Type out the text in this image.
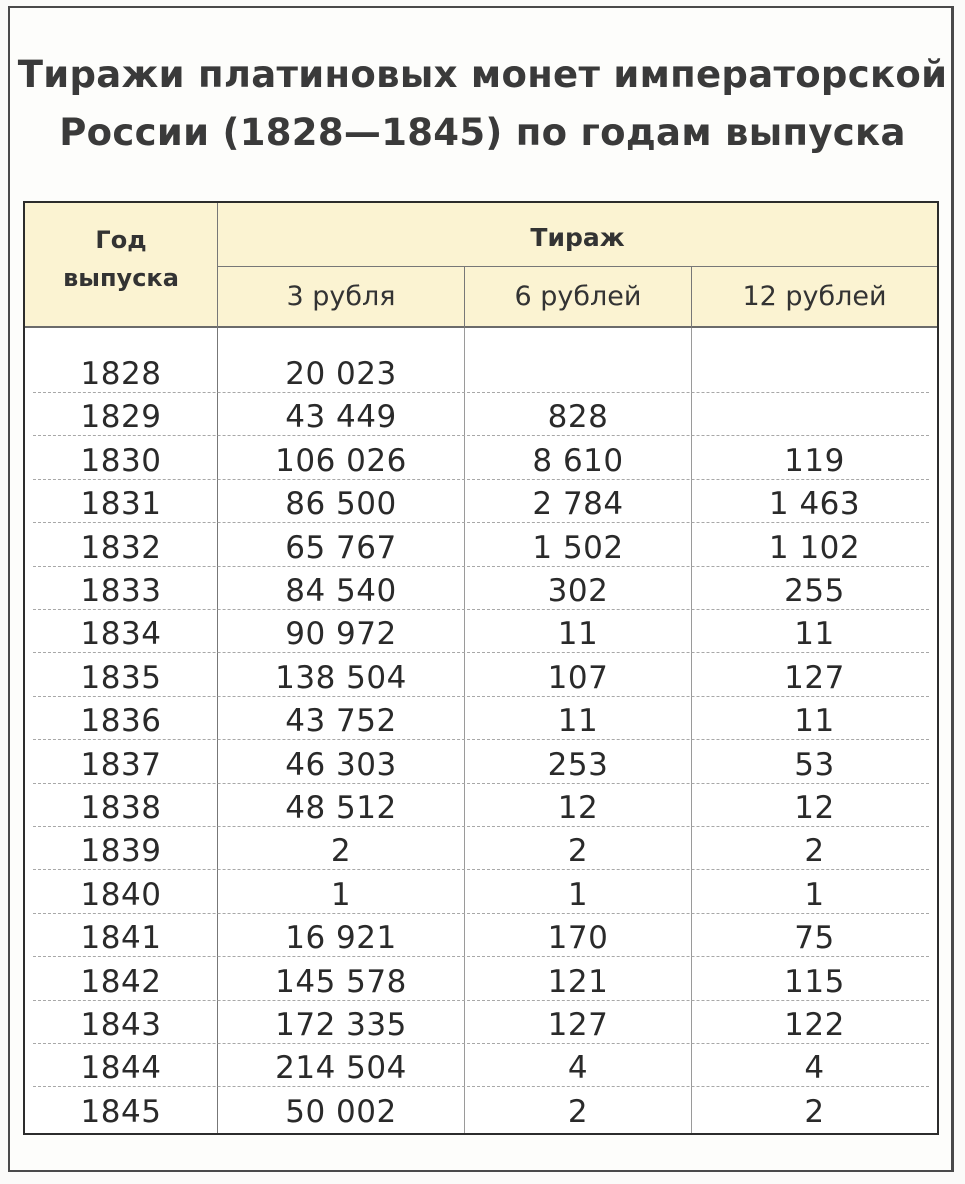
Тиражи платиновых монет императорской
России (1828—1845) по годам выпуска
Год
выпуска
Тираж
3 рубля	6 рублей	12 рублей
1828	20 023
1829	43 449	828
1830	106 026	8 610	119
1831	86 500	2 784	1 463
1832	65 767	1 502	1 102
1833	84 540	302	255
1834	90 972	11	11
1835	138 504	107	127
1836	43 752	11	11
1837	46 303	253	53
1838	48 512	12	12
1839	2	2	2
1840	1	1	1
1841	16 921	170	75
1842	145 578	121	115
1843	172 335	127	122
1844	214 504	4	4
1845	50 002	2	2
